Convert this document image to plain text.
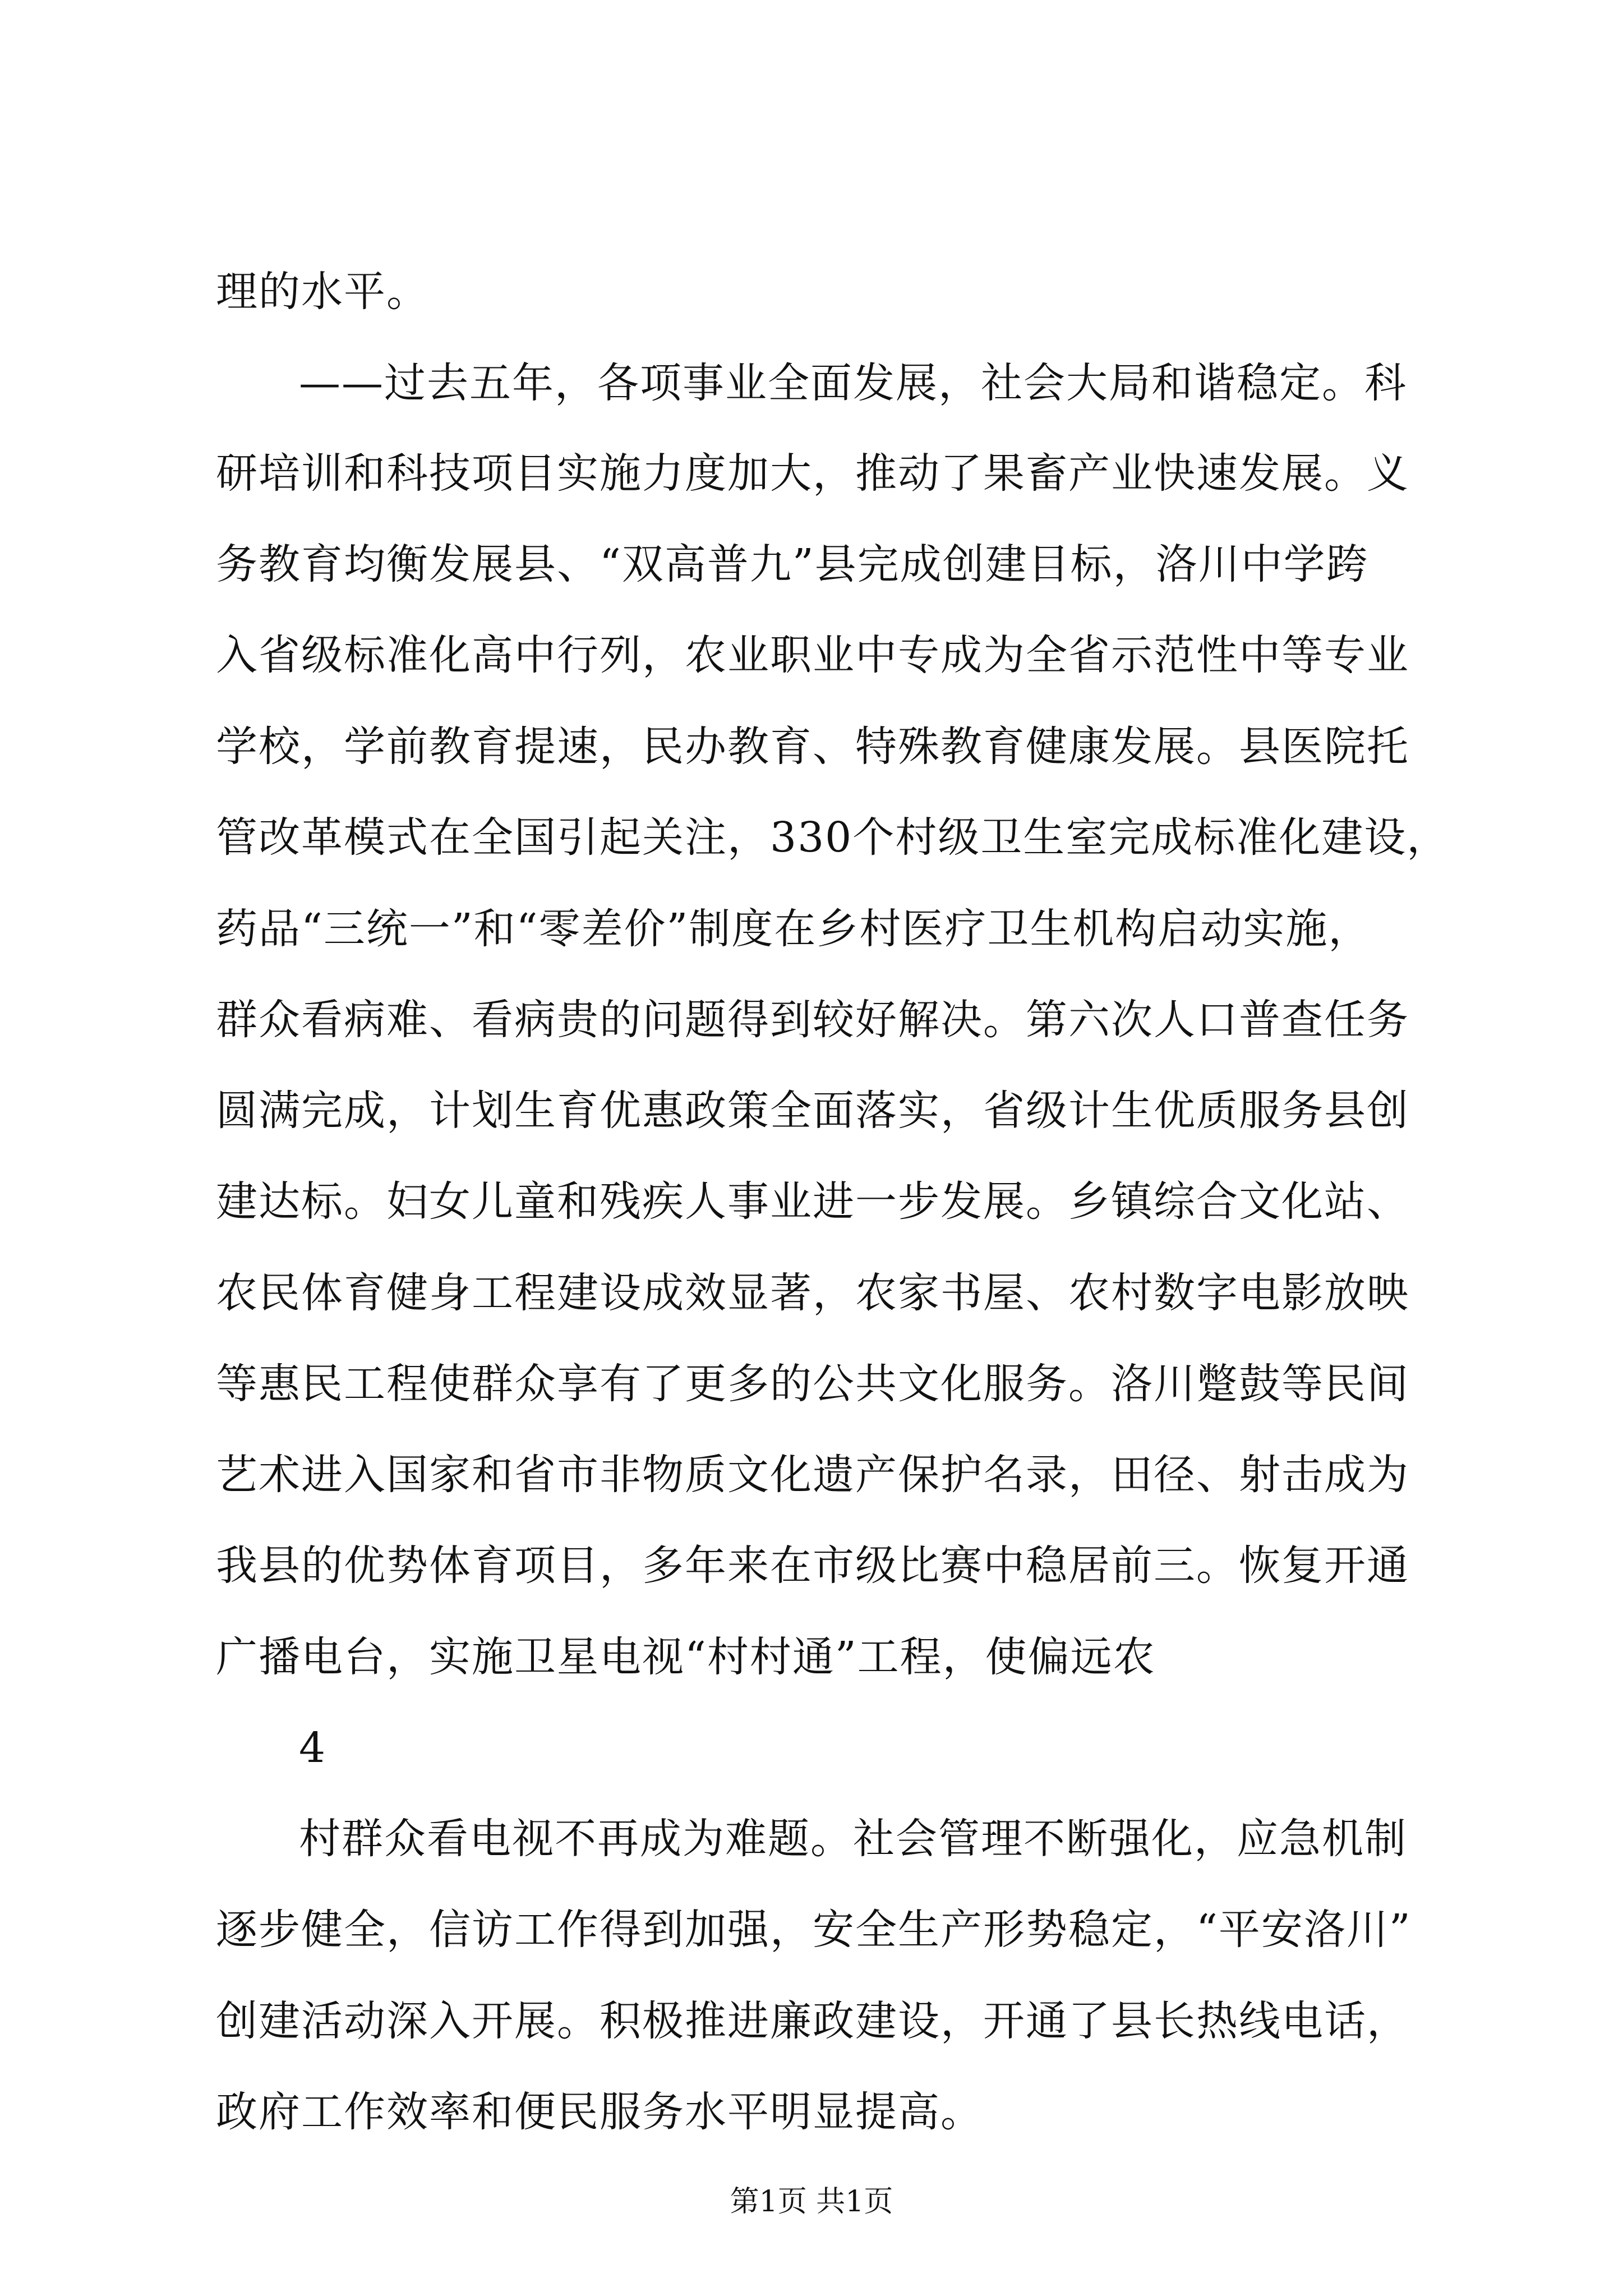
理的水平。
——过去五年，各项事业全面发展，社会大局和谐稳定。科
研培训和科技项目实施力度加大，推动了果畜产业快速发展。义
务教育均衡发展县、“双高普九”县完成创建目标，洛川中学跨
入省级标准化高中行列，农业职业中专成为全省示范性中等专业
学校，学前教育提速，民办教育、特殊教育健康发展。县医院托
管改革模式在全国引起关注，330个村级卫生室完成标准化建设，
药品“三统一”和“零差价”制度在乡村医疗卫生机构启动实施，
群众看病难、看病贵的问题得到较好解决。第六次人口普查任务
圆满完成，计划生育优惠政策全面落实，省级计生优质服务县创
建达标。妇女儿童和残疾人事业进一步发展。乡镇综合文化站、
农民体育健身工程建设成效显著，农家书屋、农村数字电影放映
等惠民工程使群众享有了更多的公共文化服务。洛川蹩鼓等民间
艺术进入国家和省市非物质文化遗产保护名录，田径、射击成为
我县的优势体育项目，多年来在市级比赛中稳居前三。恢复开通
广播电台，实施卫星电视“村村通”工程，使偏远农
4
村群众看电视不再成为难题。社会管理不断强化，应急机制
逐步健全，信访工作得到加强，安全生产形势稳定，“平安洛川”
创建活动深入开展。积极推进廉政建设，开通了县长热线电话，
政府工作效率和便民服务水平明显提高。
第1页 共1页
